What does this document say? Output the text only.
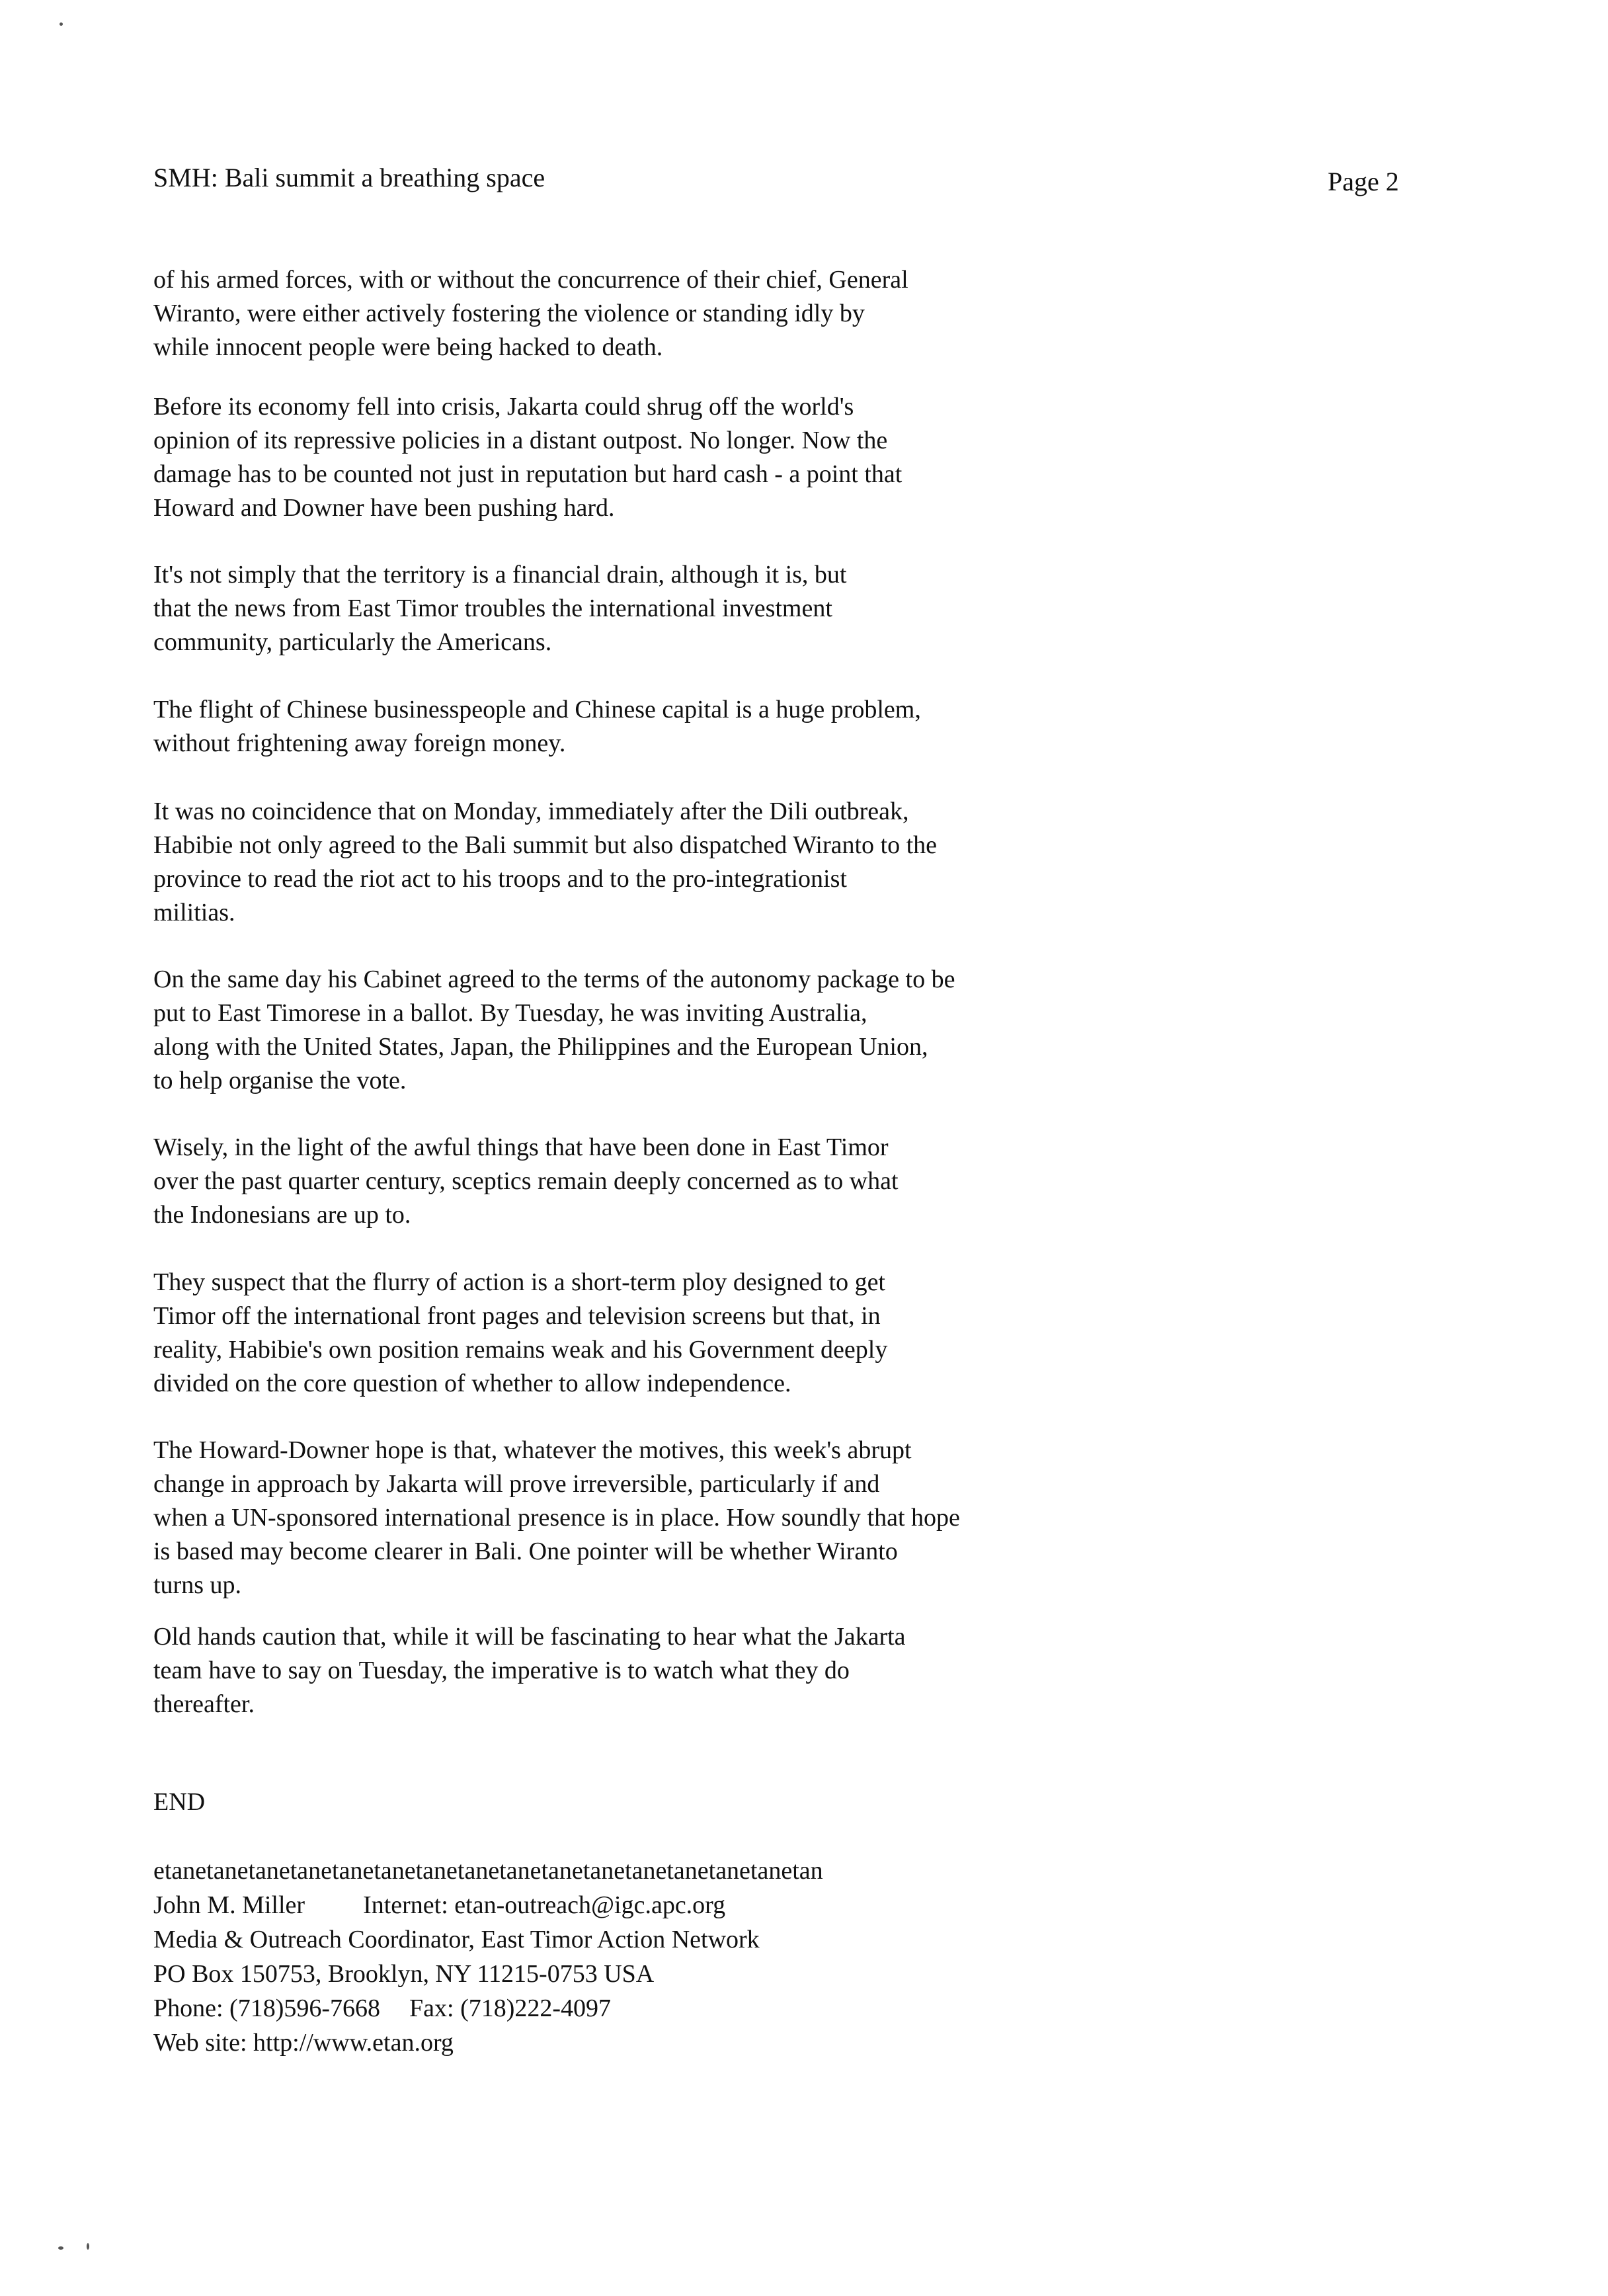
SMH: Bali summit a breathing space	Page 2
of his armed forces, with or without the concurrence of their chief, General
Wiranto, were either actively fostering the violence or standing idly by
while innocent people were being hacked to death.
Before its economy fell into crisis, Jakarta could shrug off the world's
opinion of its repressive policies in a distant outpost. No longer. Now the
damage has to be counted not just in reputation but hard cash - a point that
Howard and Downer have been pushing hard.
It's not simply that the territory is a financial drain, although it is, but
that the news from East Timor troubles the international investment
community, particularly the Americans.
The flight of Chinese businesspeople and Chinese capital is a huge problem,
without frightening away foreign money.
It was no coincidence that on Monday, immediately after the Dili outbreak,
Habibie not only agreed to the Bali summit but also dispatched Wiranto to the
province to read the riot act to his troops and to the pro-integrationist
militias.
On the same day his Cabinet agreed to the terms of the autonomy package to be
put to East Timorese in a ballot. By Tuesday, he was inviting Australia,
along with the United States, Japan, the Philippines and the European Union,
to help organise the vote.
Wisely, in the light of the awful things that have been done in East Timor
over the past quarter century, sceptics remain deeply concerned as to what
the Indonesians are up to.
They suspect that the flurry of action is a short-term ploy designed to get
Timor off the international front pages and television screens but that, in
reality, Habibie's own position remains weak and his Government deeply
divided on the core question of whether to allow independence.
The Howard-Downer hope is that, whatever the motives, this week's abrupt
change in approach by Jakarta will prove irreversible, particularly if and
when a UN-sponsored international presence is in place. How soundly that hope
is based may become clearer in Bali. One pointer will be whether Wiranto
turns up.
Old hands caution that, while it will be fascinating to hear what the Jakarta
team have to say on Tuesday, the imperative is to watch what they do
thereafter.
END
etanetanetanetanetanetanetanetanetanetanetanetanetanetanetanetan
John M. Miller Internet: etan-outreach@igc.apc.org
Media & Outreach Coordinator, East Timor Action Network
PO Box 150753, Brooklyn, NY 11215-0753 USA
Phone: (718)596-7668 Fax: (718)222-4097
Web site: http://www.etan.org
